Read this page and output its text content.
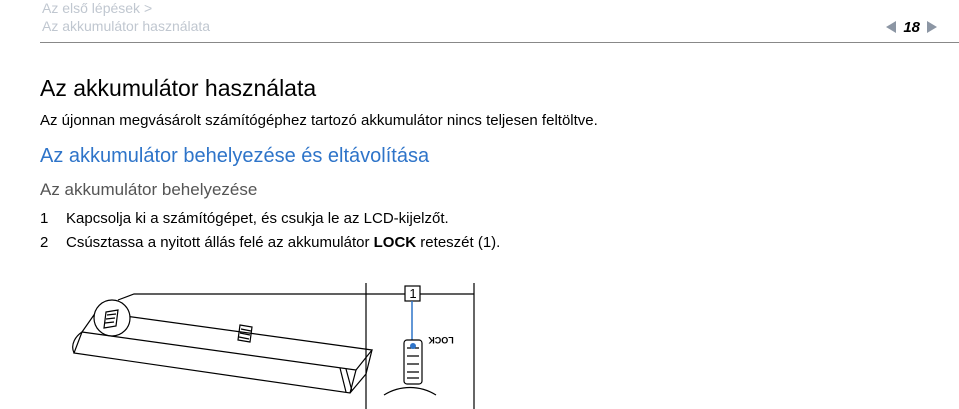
Az első lépések >
Az akkumulátor használata	18
Az akkumulátor használata
Az újonnan megvásárolt számítógéphez tartozó akkumulátor nincs teljesen feltöltve.
Az akkumulátor behelyezése és eltávolítása
Az akkumulátor behelyezése
1 Kapcsolja ki a számítógépet, és csukja le az LCD-kijelzőt.
2 Csúsztassa a nyitott állás felé az akkumulátor LOCK reteszét (1).
1
LOCK
